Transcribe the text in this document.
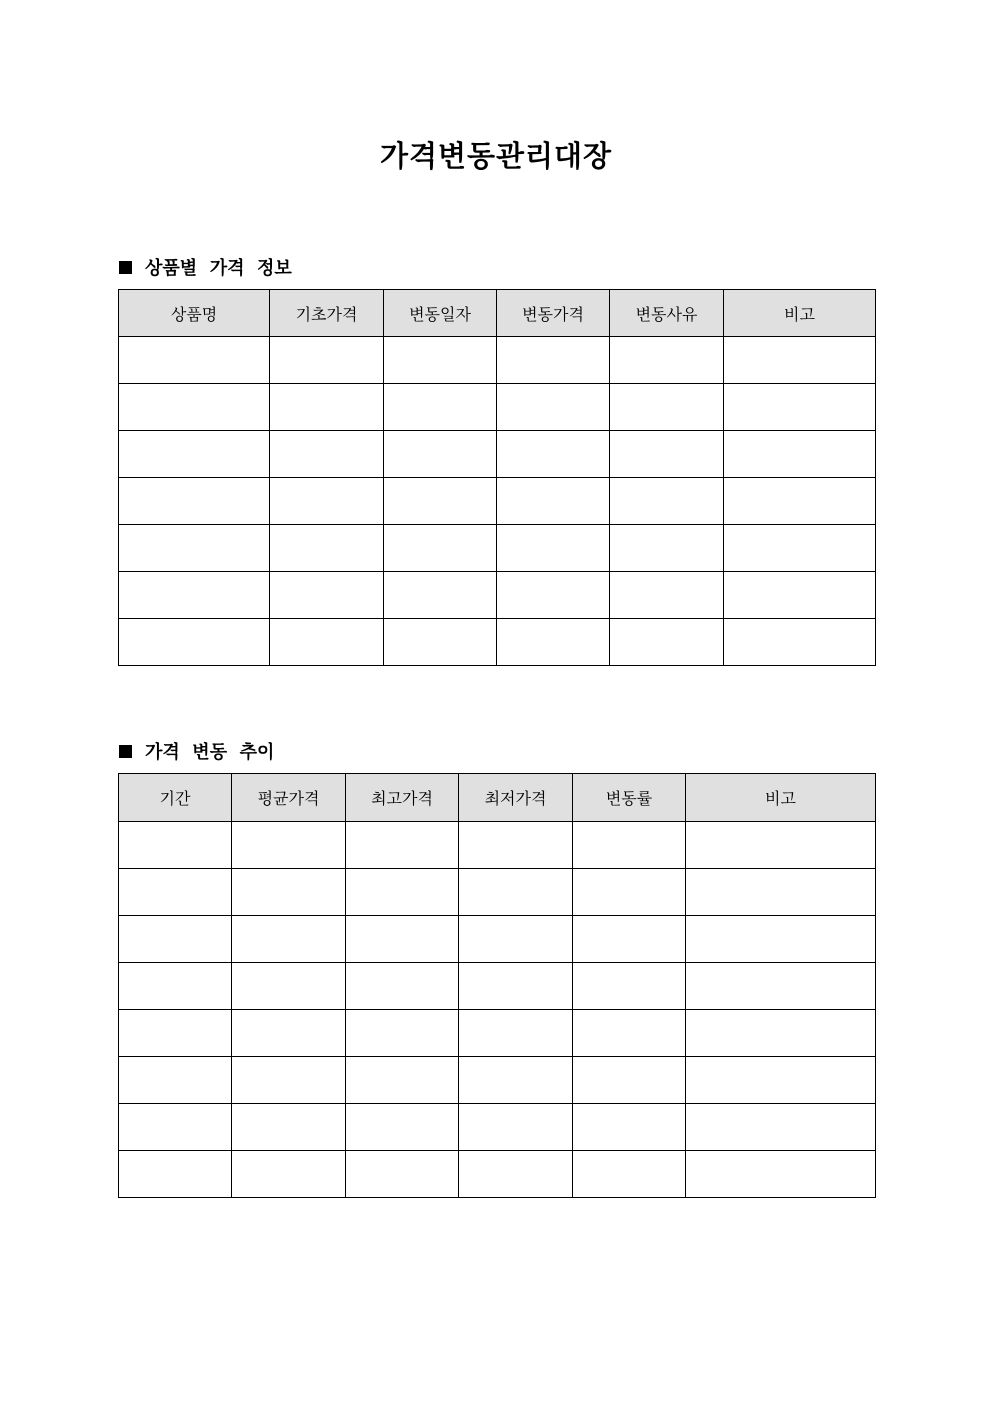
가격변동관리대장
상품별  가격  정보
상품명	기초가격	변동일자	변동가격	변동사유	비고

가격  변동  추이
기간	평균가격	최고가격	최저가격	변동률	비고
